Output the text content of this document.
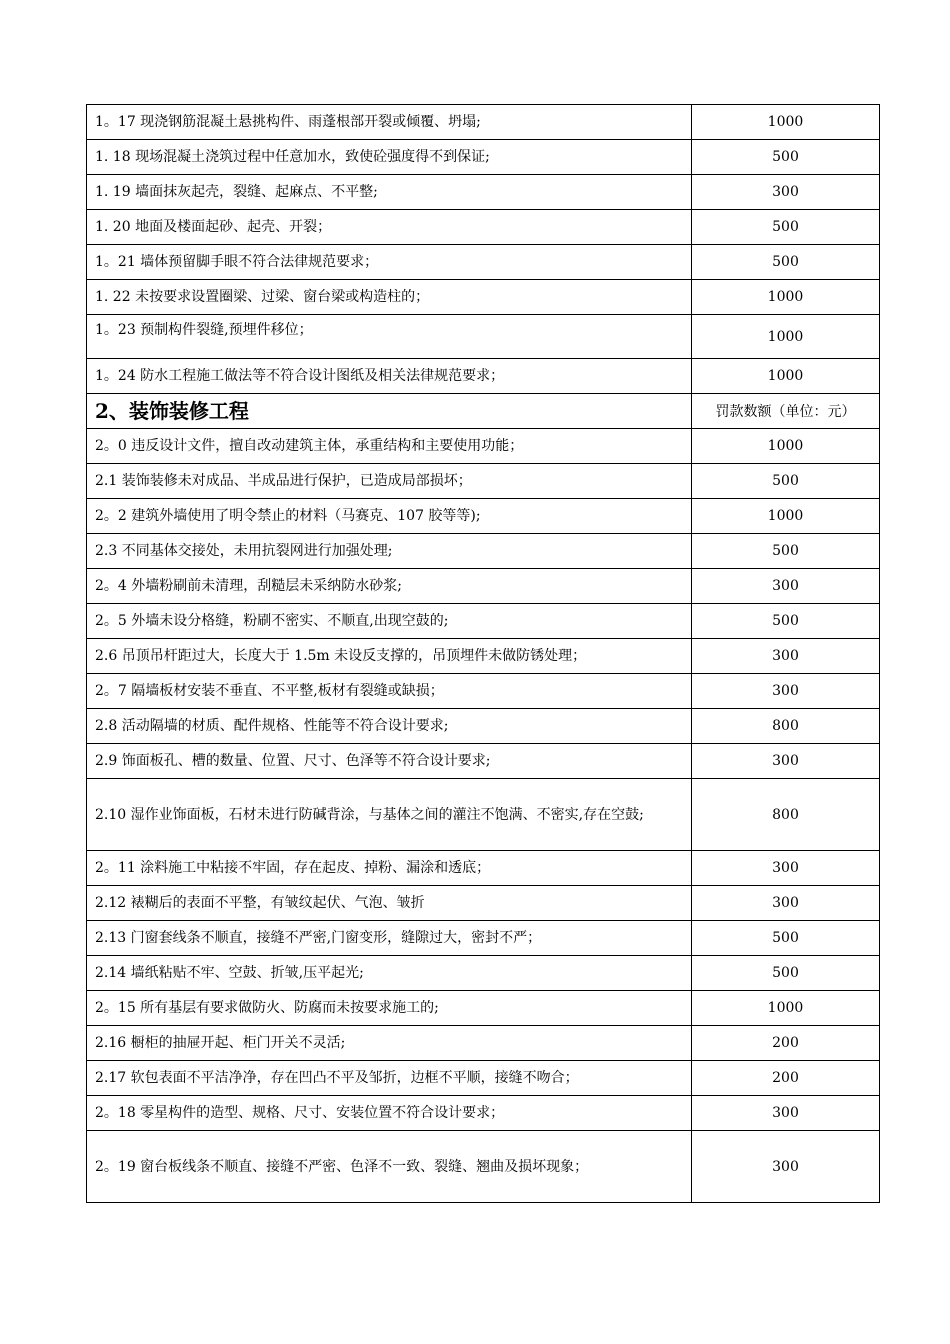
1。17 现浇钢筋混凝土悬挑构件、雨蓬根部开裂或倾覆、坍塌;	1000
1. 18 现场混凝土浇筑过程中任意加水，致使砼强度得不到保证;	500
1. 19 墙面抹灰起壳，裂缝、起麻点、不平整;	300
1. 20 地面及楼面起砂、起壳、开裂；	500
1。21 墙体预留脚手眼不符合法律规范要求；	500
1. 22 未按要求设置圈梁、过梁、窗台梁或构造柱的；	1000
1。23 预制构件裂缝,预埋件移位；	1000
1。24 防水工程施工做法等不符合设计图纸及相关法律规范要求；	1000
2、装饰装修工程	罚款数额（单位：元）
2。0 违反设计文件，擅自改动建筑主体，承重结构和主要使用功能；	1000
2.1 装饰装修未对成品、半成品进行保护，已造成局部损坏；	500
2。2 建筑外墙使用了明令禁止的材料（马赛克、107 胶等等);	1000
2.3 不同基体交接处，未用抗裂网进行加强处理;	500
2。4 外墙粉刷前未清理，刮糙层未采纳防水砂浆;	300
2。5 外墙未设分格缝，粉刷不密实、不顺直,出现空鼓的;	500
2.6 吊顶吊杆距过大，长度大于 1.5m 未设反支撑的，吊顶埋件未做防锈处理；	300
2。7 隔墙板材安装不垂直、不平整,板材有裂缝或缺损；	300
2.8 活动隔墙的材质、配件规格、性能等不符合设计要求;	800
2.9 饰面板孔、槽的数量、位置、尺寸、色泽等不符合设计要求;	300

2.10 湿作业饰面板，石材未进行防碱背涂，与基体之间的灌注不饱满、不密实,存在空鼓;	800
2。11 涂料施工中粘接不牢固，存在起皮、掉粉、漏涂和透底；	300
2.12 裱糊后的表面不平整，有皱纹起伏、气泡、皱折	300
2.13 门窗套线条不顺直，接缝不严密,门窗变形，缝隙过大，密封不严；	500
2.14 墙纸粘贴不牢、空鼓、折皱,压平起光;	500
2。15 所有基层有要求做防火、防腐而未按要求施工的;	1000
2.16 橱柜的抽屉开起、柜门开关不灵活;	200
2.17 软包表面不平洁净净，存在凹凸不平及邹折，边框不平顺，接缝不吻合；	200
2。18 零星构件的造型、规格、尺寸、安装位置不符合设计要求；	300
2。19 窗台板线条不顺直、接缝不严密、色泽不一致、裂缝、翘曲及损坏现象；	300
